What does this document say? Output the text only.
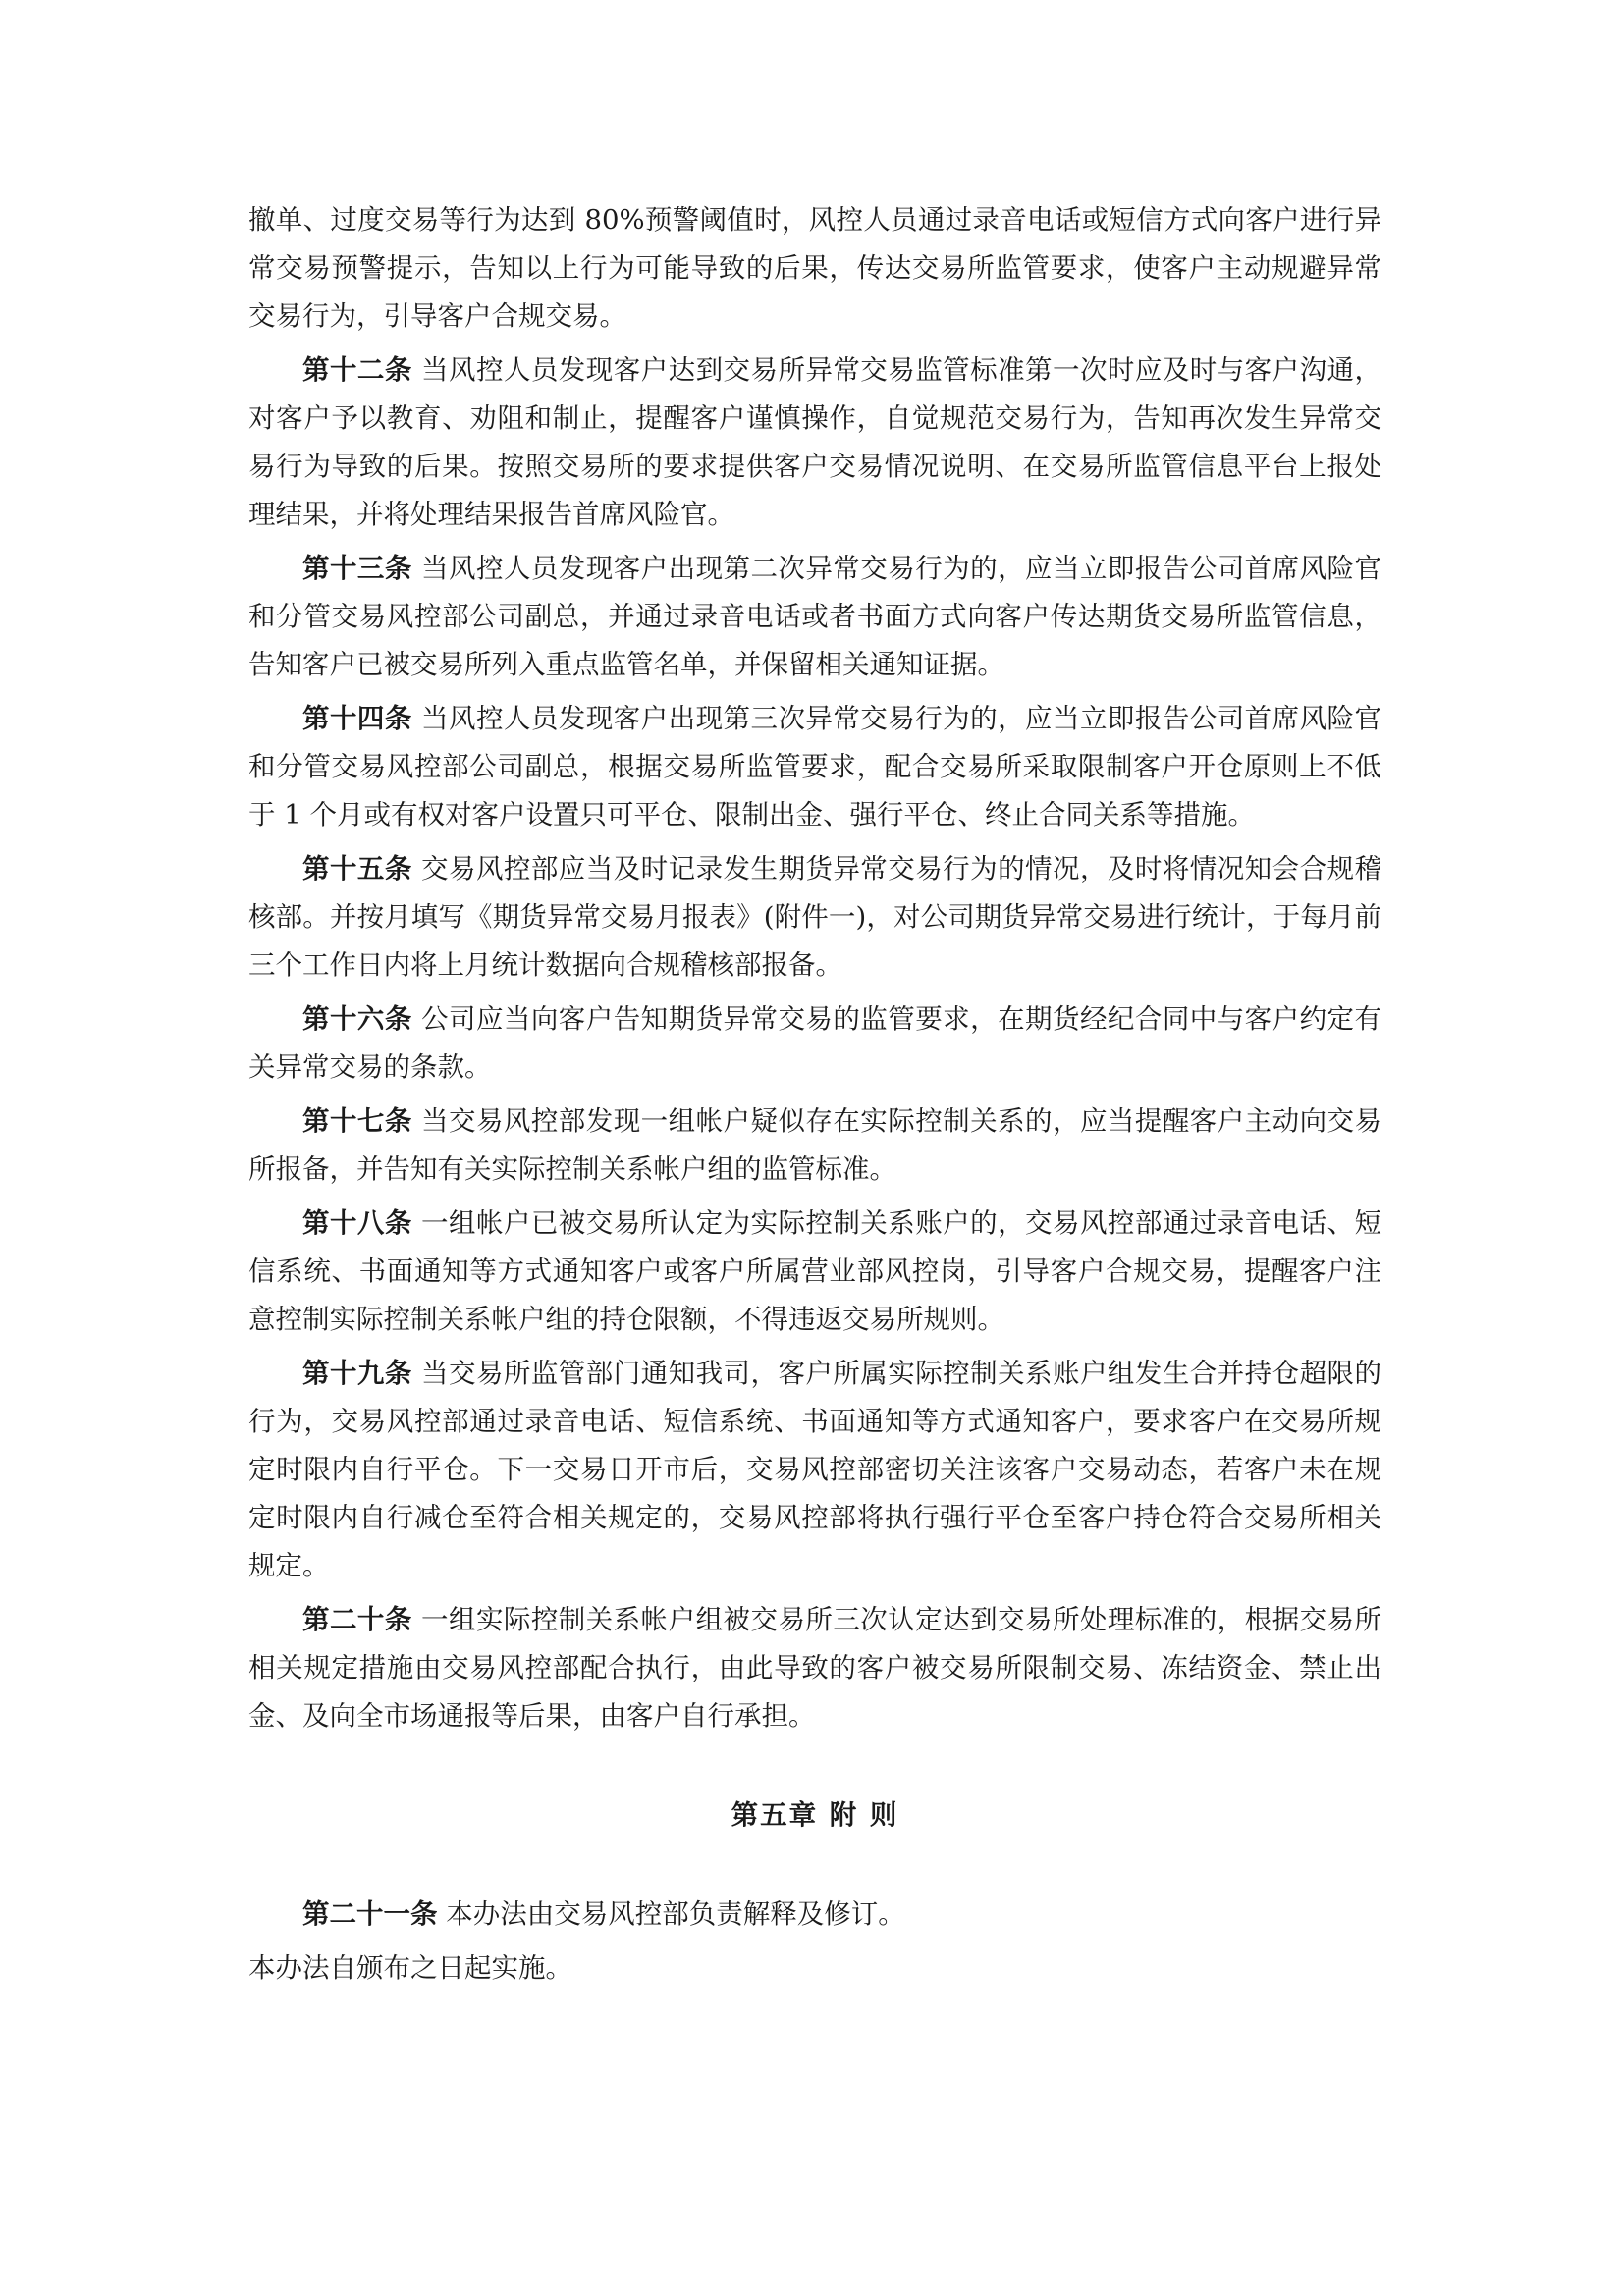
撤单、过度交易等行为达到 80%预警阈值时，风控人员通过录音电话或短信方式向客户进行异常交易预警提示，告知以上行为可能导致的后果，传达交易所监管要求，使客户主动规避异常交易行为，引导客户合规交易。

第十二条 当风控人员发现客户达到交易所异常交易监管标准第一次时应及时与客户沟通，对客户予以教育、劝阻和制止，提醒客户谨慎操作，自觉规范交易行为，告知再次发生异常交易行为导致的后果。按照交易所的要求提供客户交易情况说明、在交易所监管信息平台上报处理结果，并将处理结果报告首席风险官。

第十三条 当风控人员发现客户出现第二次异常交易行为的，应当立即报告公司首席风险官和分管交易风控部公司副总，并通过录音电话或者书面方式向客户传达期货交易所监管信息，告知客户已被交易所列入重点监管名单，并保留相关通知证据。

第十四条 当风控人员发现客户出现第三次异常交易行为的，应当立即报告公司首席风险官和分管交易风控部公司副总，根据交易所监管要求，配合交易所采取限制客户开仓原则上不低于 1 个月或有权对客户设置只可平仓、限制出金、强行平仓、终止合同关系等措施。

第十五条 交易风控部应当及时记录发生期货异常交易行为的情况，及时将情况知会合规稽核部。并按月填写《期货异常交易月报表》(附件一)，对公司期货异常交易进行统计，于每月前三个工作日内将上月统计数据向合规稽核部报备。

第十六条 公司应当向客户告知期货异常交易的监管要求，在期货经纪合同中与客户约定有关异常交易的条款。

第十七条 当交易风控部发现一组帐户疑似存在实际控制关系的，应当提醒客户主动向交易所报备，并告知有关实际控制关系帐户组的监管标准。

第十八条 一组帐户已被交易所认定为实际控制关系账户的，交易风控部通过录音电话、短信系统、书面通知等方式通知客户或客户所属营业部风控岗，引导客户合规交易，提醒客户注意控制实际控制关系帐户组的持仓限额，不得违返交易所规则。

第十九条 当交易所监管部门通知我司，客户所属实际控制关系账户组发生合并持仓超限的行为，交易风控部通过录音电话、短信系统、书面通知等方式通知客户，要求客户在交易所规定时限内自行平仓。下一交易日开市后，交易风控部密切关注该客户交易动态，若客户未在规定时限内自行减仓至符合相关规定的，交易风控部将执行强行平仓至客户持仓符合交易所相关规定。

第二十条 一组实际控制关系帐户组被交易所三次认定达到交易所处理标准的，根据交易所相关规定措施由交易风控部配合执行，由此导致的客户被交易所限制交易、冻结资金、禁止出金、及向全市场通报等后果，由客户自行承担。

第五章 附 则

第二十一条 本办法由交易风控部负责解释及修订。

本办法自颁布之日起实施。
